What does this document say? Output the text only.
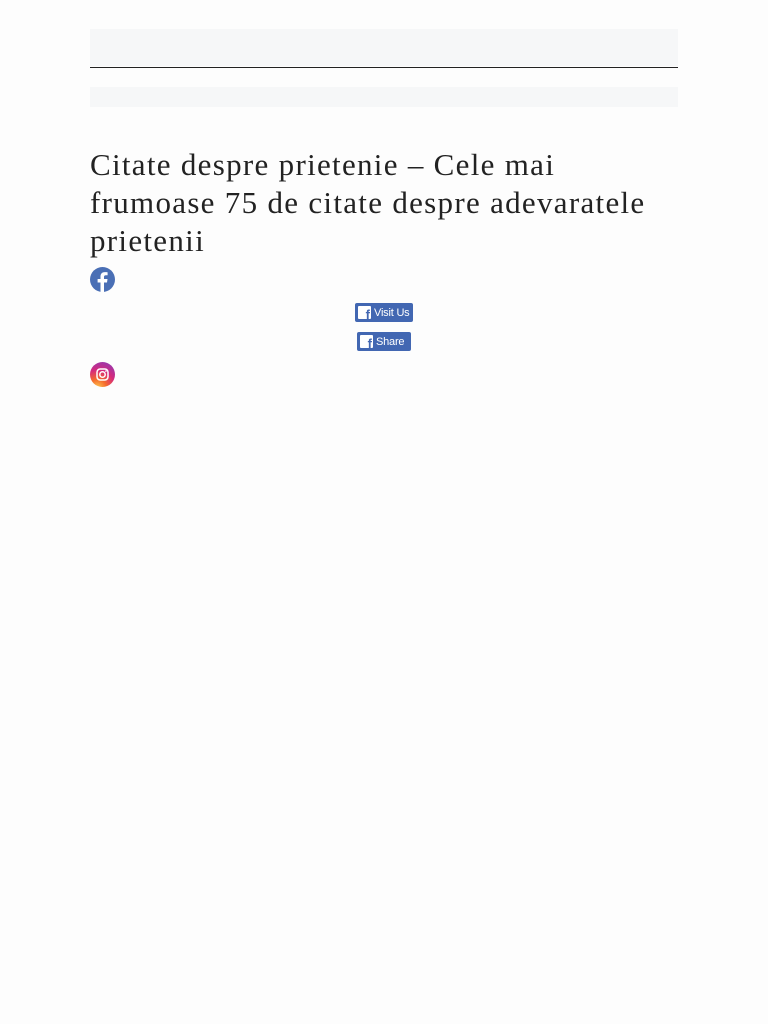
Citate despre prietenie – Cele mai frumoase 75 de citate despre adevaratele prietenii
f Visit Us
f Share
